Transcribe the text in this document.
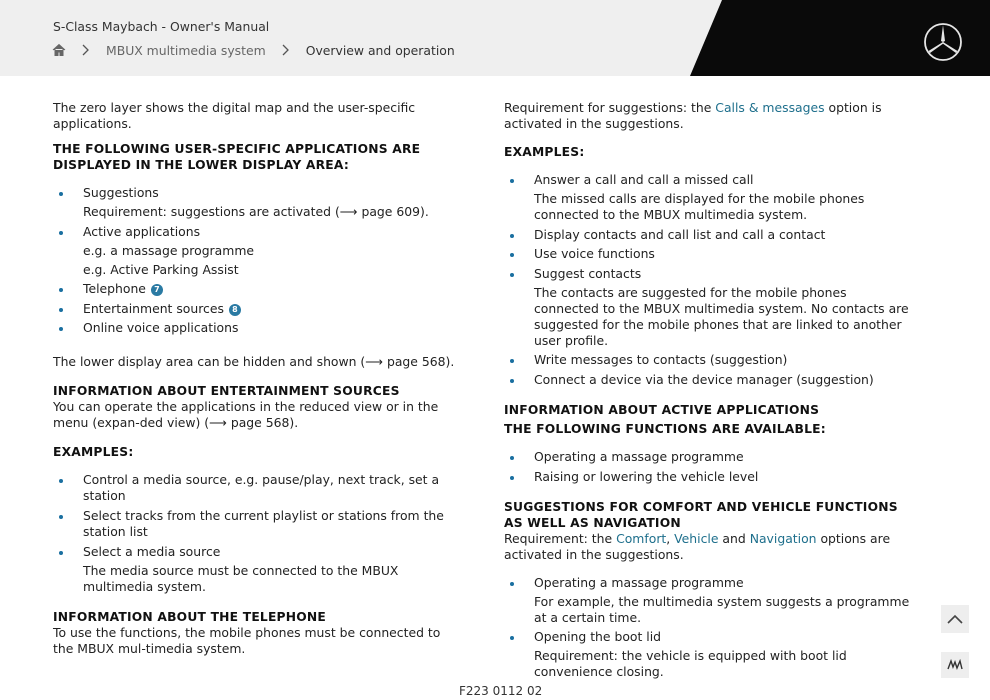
S-Class Maybach - Owner's Manual
MBUX multimedia system	Overview and operation

The zero layer shows the digital map and the user-specific applications.

THE FOLLOWING USER-SPECIFIC APPLICATIONS ARE DISPLAYED IN THE LOWER DISPLAY AREA:
Suggestions
Requirement: suggestions are activated (⟶ page 609).
Active applications
e.g. a massage programme
e.g. Active Parking Assist
Telephone 7
Entertainment sources 8
Online voice applications

The lower display area can be hidden and shown (⟶ page 568).

INFORMATION ABOUT ENTERTAINMENT SOURCES

You can operate the applications in the reduced view or in the menu (expan-ded view) (⟶ page 568).

EXAMPLES:
Control a media source, e.g. pause/play, next track, set a station
Select tracks from the current playlist or stations from the station list
Select a media source
The media source must be connected to the MBUX multimedia system.
INFORMATION ABOUT THE TELEPHONE

To use the functions, the mobile phones must be connected to the MBUX mul-timedia system.

Requirement for suggestions: the Calls & messages option is activated in the suggestions.

EXAMPLES:
Answer a call and call a missed call
The missed calls are displayed for the mobile phones connected to the MBUX multimedia system.
Display contacts and call list and call a contact
Use voice functions
Suggest contacts
The contacts are suggested for the mobile phones connected to the MBUX multimedia system. No contacts are suggested for the mobile phones that are linked to another user profile.
Write messages to contacts (suggestion)
Connect a device via the device manager (suggestion)
INFORMATION ABOUT ACTIVE APPLICATIONS
THE FOLLOWING FUNCTIONS ARE AVAILABLE:
Operating a massage programme
Raising or lowering the vehicle level
SUGGESTIONS FOR COMFORT AND VEHICLE FUNCTIONS AS WELL AS NAVIGATION

Requirement: the Comfort, Vehicle and Navigation options are activated in the suggestions.

Operating a massage programme
For example, the multimedia system suggests a programme at a certain time.
Opening the boot lid
Requirement: the vehicle is equipped with boot lid convenience closing.
F223 0112 02
